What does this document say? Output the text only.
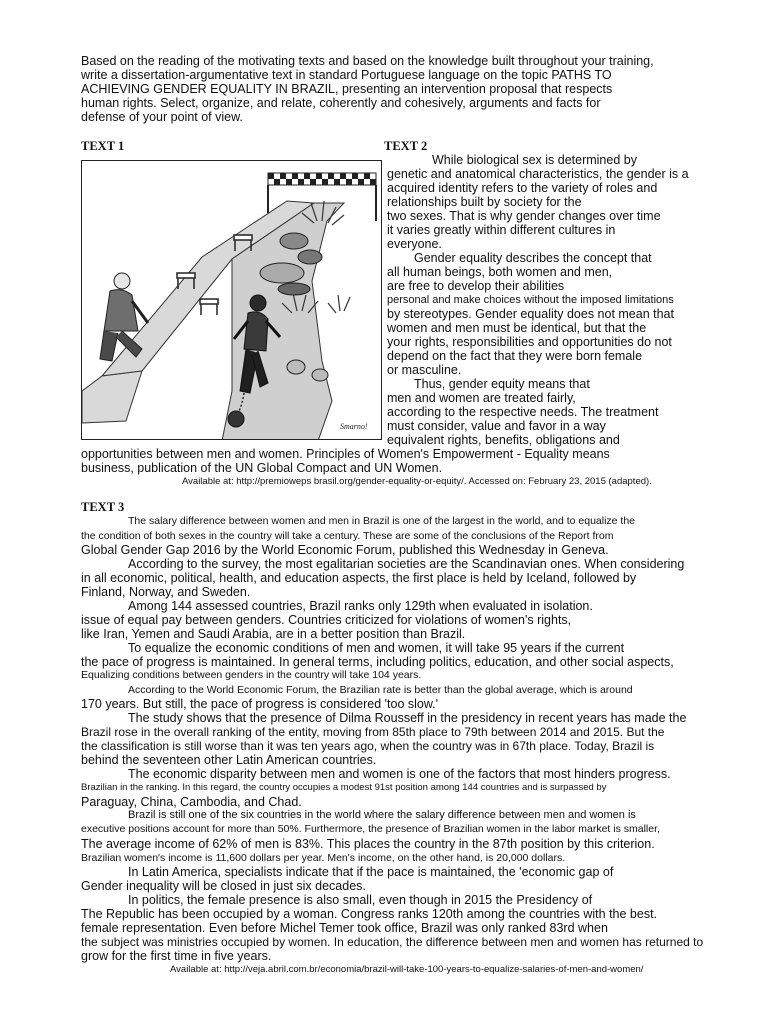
Based on the reading of the motivating texts and based on the knowledge built throughout your training,
write a dissertation-argumentative text in standard Portuguese language on the topic PATHS TO
ACHIEVING GENDER EQUALITY IN BRAZIL, presenting an intervention proposal that respects
human rights. Select, organize, and relate, coherently and cohesively, arguments and facts for
defense of your point of view.
TEXT 1
Smarno!
TEXT 2
While biological sex is determined by
genetic and anatomical characteristics, the gender is a
acquired identity refers to the variety of roles and
relationships built by society for the
two sexes. That is why gender changes over time
it varies greatly within different cultures in
everyone.
Gender equality describes the concept that
all human beings, both women and men,
are free to develop their abilities
personal and make choices without the imposed limitations
by stereotypes. Gender equality does not mean that
women and men must be identical, but that the
your rights, responsibilities and opportunities do not
depend on the fact that they were born female
or masculine.
Thus, gender equity means that
men and women are treated fairly,
according to the respective needs. The treatment
must consider, value and favor in a way
equivalent rights, benefits, obligations and
opportunities between men and women. Principles of Women's Empowerment - Equality means
business, publication of the UN Global Compact and UN Women.
Available at: http://premioweps brasil.org/gender-equality-or-equity/. Accessed on: February 23, 2015 (adapted).
TEXT 3
The salary difference between women and men in Brazil is one of the largest in the world, and to equalize the
the condition of both sexes in the country will take a century. These are some of the conclusions of the Report from
Global Gender Gap 2016 by the World Economic Forum, published this Wednesday in Geneva.
According to the survey, the most egalitarian societies are the Scandinavian ones. When considering
in all economic, political, health, and education aspects, the first place is held by Iceland, followed by
Finland, Norway, and Sweden.
Among 144 assessed countries, Brazil ranks only 129th when evaluated in isolation.
issue of equal pay between genders. Countries criticized for violations of women's rights,
like Iran, Yemen and Saudi Arabia, are in a better position than Brazil.
To equalize the economic conditions of men and women, it will take 95 years if the current
the pace of progress is maintained. In general terms, including politics, education, and other social aspects,
Equalizing conditions between genders in the country will take 104 years.
According to the World Economic Forum, the Brazilian rate is better than the global average, which is around
170 years. But still, the pace of progress is considered 'too slow.'
The study shows that the presence of Dilma Rousseff in the presidency in recent years has made the
Brazil rose in the overall ranking of the entity, moving from 85th place to 79th between 2014 and 2015. But the
the classification is still worse than it was ten years ago, when the country was in 67th place. Today, Brazil is
behind the seventeen other Latin American countries.
The economic disparity between men and women is one of the factors that most hinders progress.
Brazilian in the ranking. In this regard, the country occupies a modest 91st position among 144 countries and is surpassed by
Paraguay, China, Cambodia, and Chad.
Brazil is still one of the six countries in the world where the salary difference between men and women is
executive positions account for more than 50%. Furthermore, the presence of Brazilian women in the labor market is smaller,
The average income of 62% of men is 83%. This places the country in the 87th position by this criterion.
Brazilian women's income is 11,600 dollars per year. Men's income, on the other hand, is 20,000 dollars.
In Latin America, specialists indicate that if the pace is maintained, the 'economic gap of
Gender inequality will be closed in just six decades.
In politics, the female presence is also small, even though in 2015 the Presidency of
The Republic has been occupied by a woman. Congress ranks 120th among the countries with the best.
female representation. Even before Michel Temer took office, Brazil was only ranked 83rd when
the subject was ministries occupied by women. In education, the difference between men and women has returned to
grow for the first time in five years.
Available at: http://veja.abril.com.br/economia/brazil-will-take-100-years-to-equalize-salaries-of-men-and-women/
